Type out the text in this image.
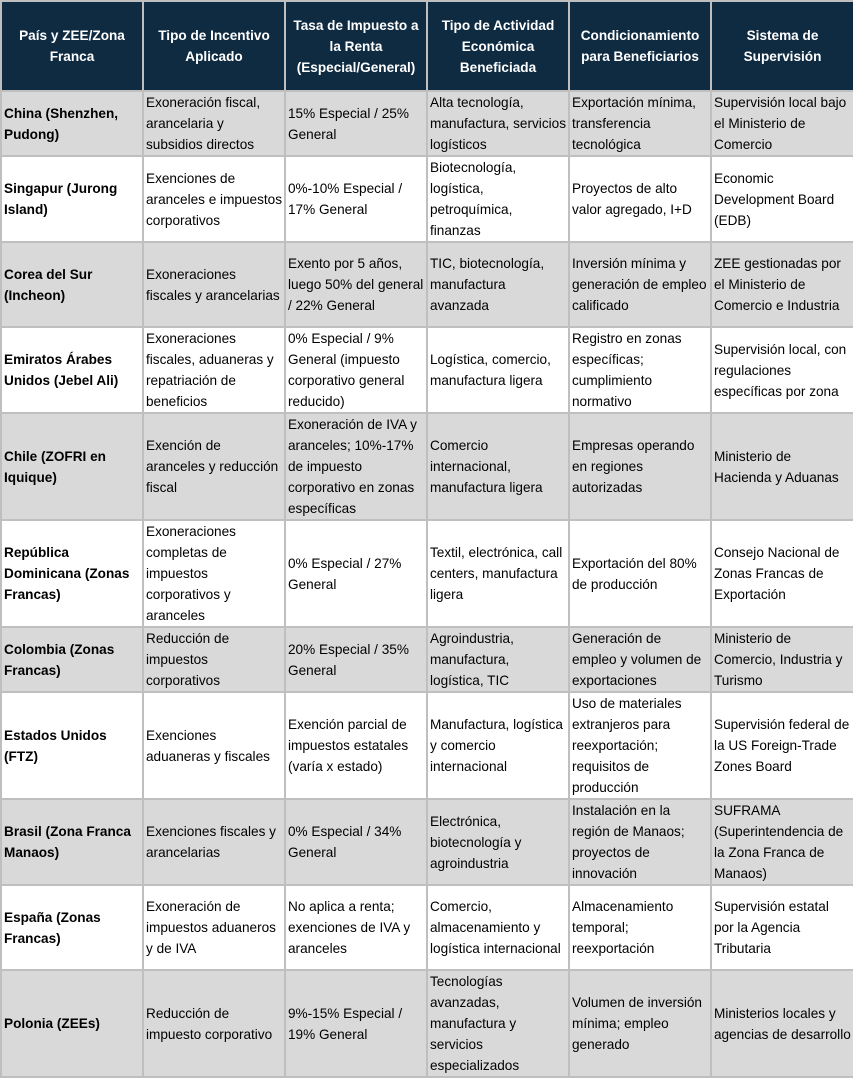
País y ZEE/Zona Franca	Tipo de Incentivo Aplicado	Tasa de Impuesto a la Renta (Especial/General)	Tipo de Actividad Económica Beneficiada	Condicionamiento para Beneficiarios	Sistema de Supervisión
China (Shenzhen, Pudong)	Exoneración fiscal, arancelaria y subsidios directos	15% Especial / 25% General	Alta tecnología, manufactura, servicios logísticos	Exportación mínima, transferencia tecnológica	Supervisión local bajo el Ministerio de Comercio
Singapur (Jurong Island)	Exenciones de aranceles e impuestos corporativos	0%-10% Especial / 17% General	Biotecnología, logística, petroquímica, finanzas	Proyectos de alto valor agregado, I+D	Economic Development Board (EDB)
Corea del Sur (Incheon)	Exoneraciones fiscales y arancelarias	Exento por 5 años, luego 50% del general / 22% General	TIC, biotecnología, manufactura avanzada	Inversión mínima y generación de empleo calificado	ZEE gestionadas por el Ministerio de Comercio e Industria
Emiratos Árabes Unidos (Jebel Ali)	Exoneraciones fiscales, aduaneras y repatriación de beneficios	0% Especial / 9% General (impuesto corporativo general reducido)	Logística, comercio, manufactura ligera	Registro en zonas específicas; cumplimiento normativo	Supervisión local, con regulaciones específicas por zona
Chile (ZOFRI en Iquique)	Exención de aranceles y reducción fiscal	Exoneración de IVA y aranceles; 10%-17% de impuesto corporativo en zonas específicas	Comercio internacional, manufactura ligera	Empresas operando en regiones autorizadas	Ministerio de Hacienda y Aduanas
República Dominicana (Zonas Francas)	Exoneraciones completas de impuestos corporativos y aranceles	0% Especial / 27% General	Textil, electrónica, call centers, manufactura ligera	Exportación del 80% de producción	Consejo Nacional de Zonas Francas de Exportación
Colombia (Zonas Francas)	Reducción de impuestos corporativos	20% Especial / 35% General	Agroindustria, manufactura, logística, TIC	Generación de empleo y volumen de exportaciones	Ministerio de Comercio, Industria y Turismo
Estados Unidos (FTZ)	Exenciones aduaneras y fiscales	Exención parcial de impuestos estatales (varía x estado)	Manufactura, logística y comercio internacional	Uso de materiales extranjeros para reexportación; requisitos de producción	Supervisión federal de la US Foreign-Trade Zones Board
Brasil (Zona Franca Manaos)	Exenciones fiscales y arancelarias	0% Especial / 34% General	Electrónica, biotecnología y agroindustria	Instalación en la región de Manaos; proyectos de innovación	SUFRAMA (Superintendencia de la Zona Franca de Manaos)
España (Zonas Francas)	Exoneración de impuestos aduaneros y de IVA	No aplica a renta; exenciones de IVA y aranceles	Comercio, almacenamiento y logística internacional	Almacenamiento temporal; reexportación	Supervisión estatal por la Agencia Tributaria
Polonia (ZEEs)	Reducción de impuesto corporativo	9%-15% Especial / 19% General	Tecnologías avanzadas, manufactura y servicios especializados	Volumen de inversión mínima; empleo generado	Ministerios locales y agencias de desarrollo
